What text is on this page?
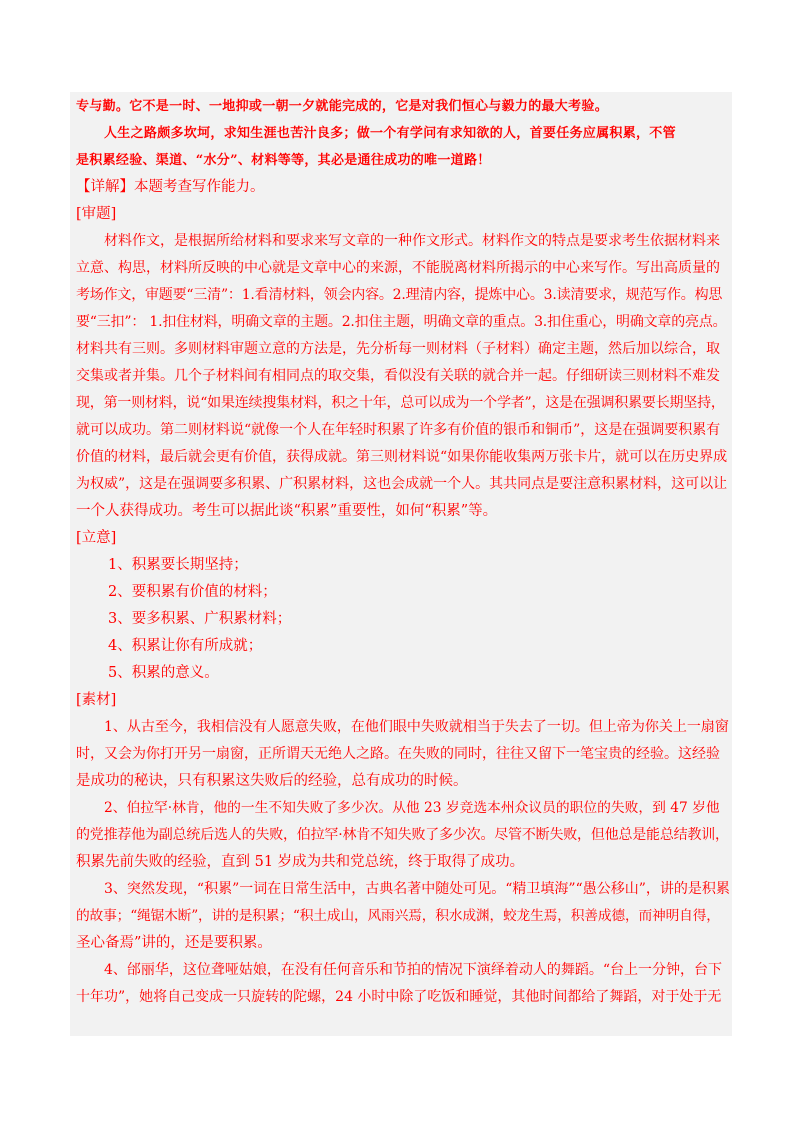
专与勤。它不是一时、一地抑或一朝一夕就能完成的，它是对我们恒心与毅力的最大考验。
人生之路颇多坎坷，求知生涯也苦汁良多；做一个有学问有求知欲的人，首要任务应属积累，不管
是积累经验、渠道、“水分”、材料等等，其必是通往成功的唯一道路！
【详解】本题考查写作能力。
[审题]
材料作文，是根据所给材料和要求来写文章的一种作文形式。材料作文的特点是要求考生依据材料来
立意、构思，材料所反映的中心就是文章中心的来源，不能脱离材料所揭示的中心来写作。写出高质量的
考场作文，审题要“三清”：1.看清材料，领会内容。2.理清内容，提炼中心。3.读清要求，规范写作。构思
要“三扣”： 1.扣住材料，明确文章的主题。2.扣住主题，明确文章的重点。3.扣住重心，明确文章的亮点。
材料共有三则。多则材料审题立意的方法是，先分析每一则材料（子材料）确定主题，然后加以综合，取
交集或者并集。几个子材料间有相同点的取交集，看似没有关联的就合并一起。仔细研读三则材料不难发
现，第一则材料，说“如果连续搜集材料，积之十年，总可以成为一个学者”，这是在强调积累要长期坚持，
就可以成功。第二则材料说“就像一个人在年轻时积累了许多有价值的银币和铜币”，这是在强调要积累有
价值的材料，最后就会更有价值，获得成就。第三则材料说“如果你能收集两万张卡片，就可以在历史界成
为权威”，这是在强调要多积累、广积累材料，这也会成就一个人。其共同点是要注意积累材料，这可以让
一个人获得成功。考生可以据此谈“积累”重要性，如何“积累”等。
[立意]
1、积累要长期坚持；
2、要积累有价值的材料；
3、要多积累、广积累材料；
4、积累让你有所成就；
5、积累的意义。
[素材]
1、从古至今，我相信没有人愿意失败，在他们眼中失败就相当于失去了一切。但上帝为你关上一扇窗
时，又会为你打开另一扇窗，正所谓天无绝人之路。在失败的同时，往往又留下一笔宝贵的经验。这经验
是成功的秘诀，只有积累这失败后的经验，总有成功的时候。
2、伯拉罕·林肯，他的一生不知失败了多少次。从他 23 岁竞选本州众议员的职位的失败，到 47 岁他
的党推荐他为副总统后选人的失败，伯拉罕·林肯不知失败了多少次。尽管不断失败，但他总是能总结教训，
积累先前失败的经验，直到 51 岁成为共和党总统，终于取得了成功。
3、突然发现，“积累”一词在日常生活中，古典名著中随处可见。“精卫填海”“愚公移山”，讲的是积累
的故事；“绳锯木断”，讲的是积累；“积土成山，风雨兴焉，积水成渊，蛟龙生焉，积善成德，而神明自得，
圣心备焉”讲的，还是要积累。
4、邰丽华，这位聋哑姑娘，在没有任何音乐和节拍的情况下演绎着动人的舞蹈。“台上一分钟，台下
十年功”，她将自己变成一只旋转的陀螺，24 小时中除了吃饭和睡觉，其他时间都给了舞蹈，对于处于无
